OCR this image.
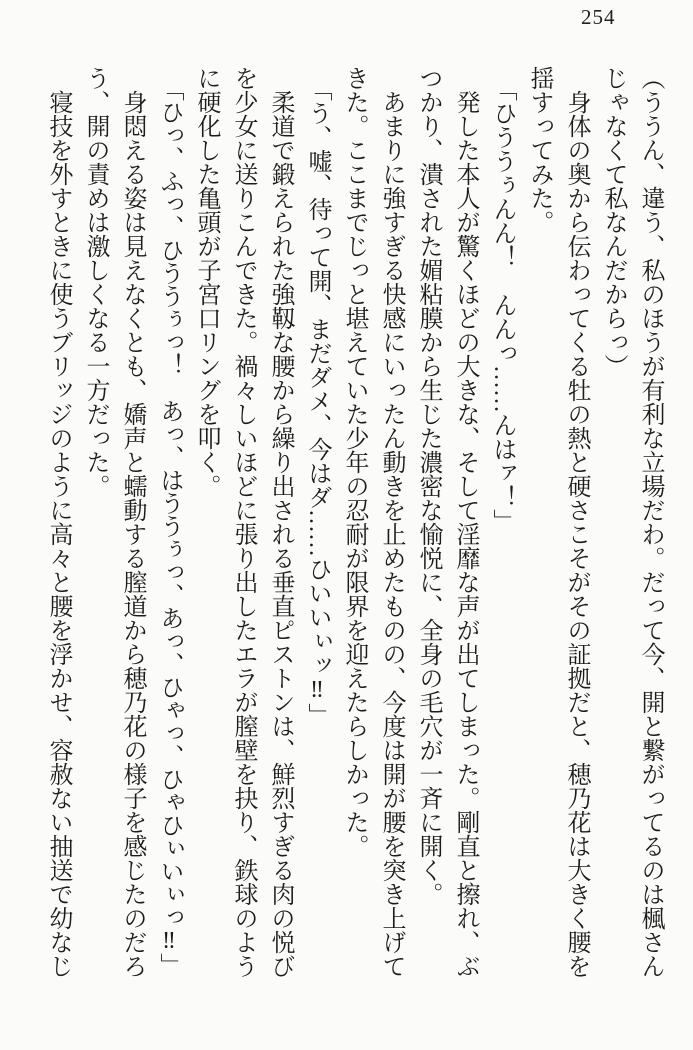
254

（ううん、違う、私のほうが有利な立場だわ。だって今、開と繋がってるのは楓さんじゃなくて私なんだからっ）

身体の奥から伝わってくる牡の熱と硬さこそがその証拠だと、穂乃花は大きく腰を揺すってみた。

「ひううぅんん！　んんっ……んはァ！」

発した本人が驚くほどの大きな、そして淫靡な声が出てしまった。剛直と擦れ、ぶつかり、潰された媚粘膜から生じた濃密な愉悦に、全身の毛穴が一斉に開く。

あまりに強すぎる快感にいったん動きを止めたものの、今度は開が腰を突き上げてきた。ここまでじっと堪えていた少年の忍耐が限界を迎えたらしかった。

「う、嘘、待って開、まだダメ、今はダ……ひいいぃッ‼」

柔道で鍛えられた強靱な腰から繰り出される垂直ピストンは、鮮烈すぎる肉の悦びを少女に送りこんできた。禍々しいほどに張り出したエラが膣壁を抉り、鉄球のように硬化した亀頭が子宮口リングを叩く。

「ひっ、ふっ、ひううぅっ！　あっ、はううぅっ、あっ、ひゃっ、ひゃひぃいぃっ‼」

身悶える姿は見えなくとも、嬌声と蠕動する膣道から穂乃花の様子を感じたのだろう、開の責めは激しくなる一方だった。

寝技を外すときに使うブリッジのように高々と腰を浮かせ、容赦ない抽送で幼なじ
